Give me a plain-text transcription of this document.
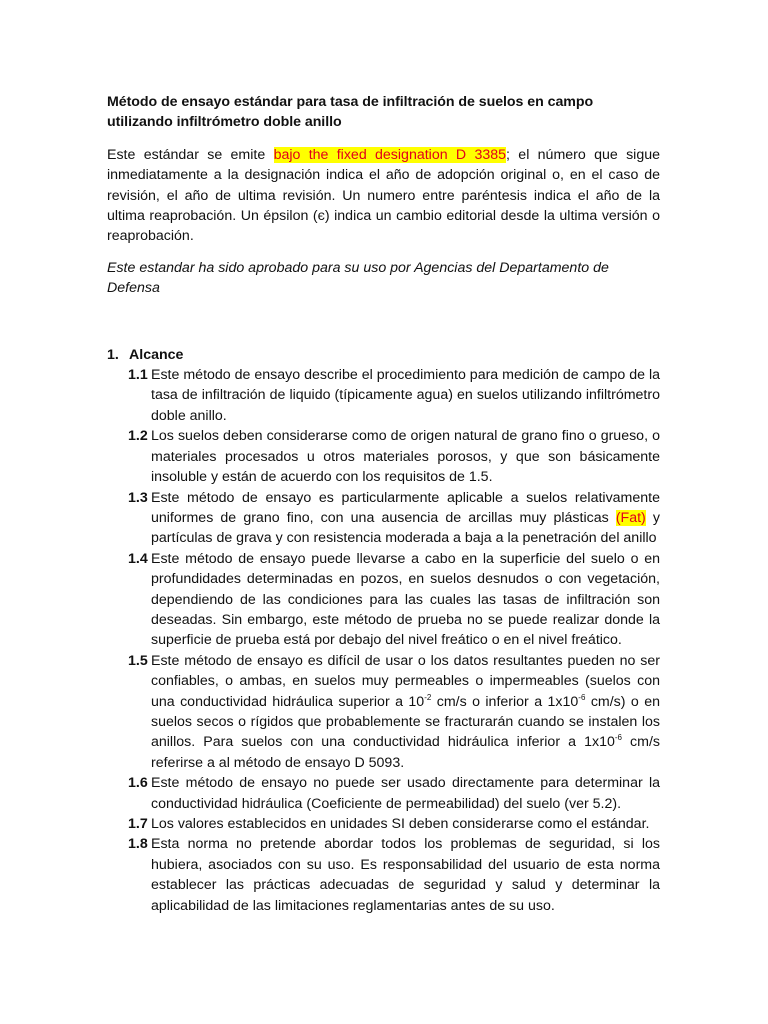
Método de ensayo estándar para tasa de infiltración de suelos en campo utilizando infiltrómetro doble anillo

Este estándar se emite bajo the fixed designation D 3385; el número que sigue inmediatamente a la designación indica el año de adopción original o, en el caso de revisión, el año de ultima revisión. Un numero entre paréntesis indica el año de la ultima reaprobación. Un épsilon (є) indica un cambio editorial desde la ultima versión o reaprobación.

Este estandar ha sido aprobado para su uso por Agencias del Departamento de Defensa

1. Alcance
1.1 Este método de ensayo describe el procedimiento para medición de campo de la tasa de infiltración de liquido (típicamente agua) en suelos utilizando infiltrómetro doble anillo.
1.2 Los suelos deben considerarse como de origen natural de grano fino o grueso, o materiales procesados u otros materiales porosos, y que son básicamente insoluble y están de acuerdo con los requisitos de 1.5.
1.3 Este método de ensayo es particularmente aplicable a suelos relativamente uniformes de grano fino, con una ausencia de arcillas muy plásticas (Fat) y partículas de grava y con resistencia moderada a baja a la penetración del anillo
1.4 Este método de ensayo puede llevarse a cabo en la superficie del suelo o en profundidades determinadas en pozos, en suelos desnudos o con vegetación, dependiendo de las condiciones para las cuales las tasas de infiltración son deseadas. Sin embargo, este método de prueba no se puede realizar donde la superficie de prueba está por debajo del nivel freático o en el nivel freático.
1.5 Este método de ensayo es difícil de usar o los datos resultantes pueden no ser confiables, o ambas, en suelos muy permeables o impermeables (suelos con una conductividad hidráulica superior a $10^{-2}$ cm/s o inferior a $1x10^{-6}$ cm/s) o en suelos secos o rígidos que probablemente se fracturarán cuando se instalen los anillos. Para suelos con una conductividad hidráulica inferior a $1x10^{-6}$ cm/s referirse a al método de ensayo D 5093.
1.6 Este método de ensayo no puede ser usado directamente para determinar la conductividad hidráulica (Coeficiente de permeabilidad) del suelo (ver 5.2).
1.7 Los valores establecidos en unidades SI deben considerarse como el estándar.
1.8 Esta norma no pretende abordar todos los problemas de seguridad, si los hubiera, asociados con su uso. Es responsabilidad del usuario de esta norma establecer las prácticas adecuadas de seguridad y salud y determinar la aplicabilidad de las limitaciones reglamentarias antes de su uso.
